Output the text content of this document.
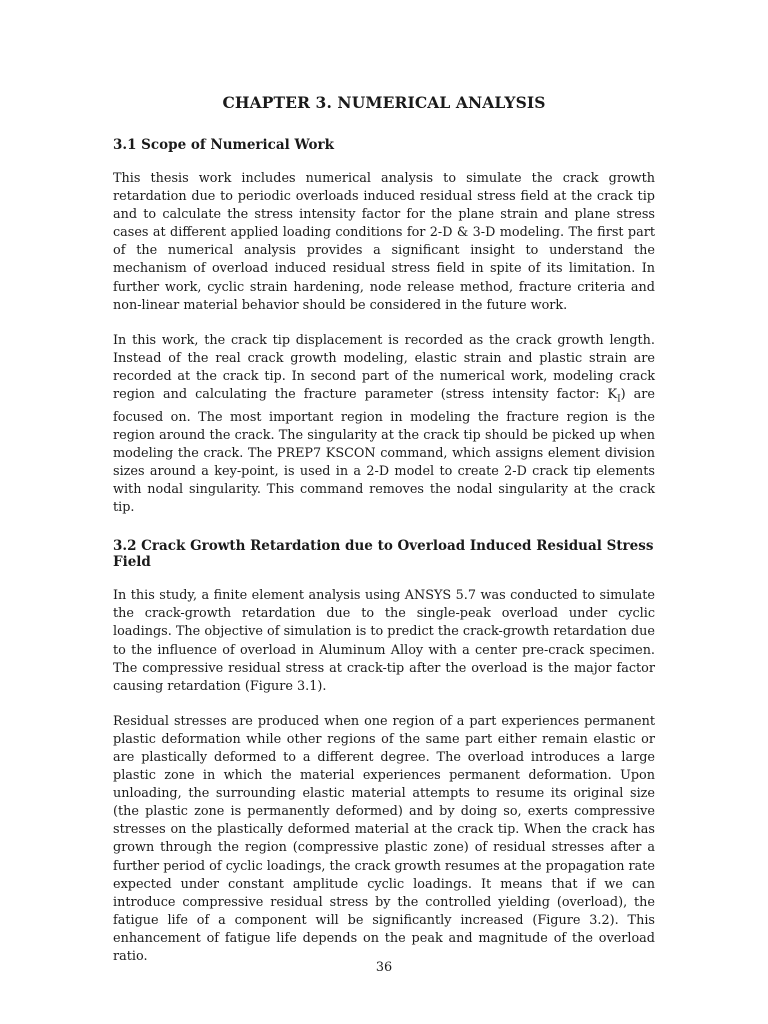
CHAPTER 3. NUMERICAL ANALYSIS
3.1 Scope of Numerical Work

This thesis work includes numerical analysis to simulate the crack growth retardation due to periodic overloads induced residual stress field at the crack tip and to calculate the stress intensity factor for the plane strain and plane stress cases at different applied loading conditions for 2-D & 3-D modeling. The first part of the numerical analysis provides a significant insight to understand the mechanism of overload induced residual stress field in spite of its limitation. In further work, cyclic strain hardening, node release method, fracture criteria and non-linear material behavior should be considered in the future work.

In this work, the crack tip displacement is recorded as the crack growth length. Instead of the real crack growth modeling, elastic strain and plastic strain are recorded at the crack tip. In second part of the numerical work, modeling crack region and calculating the fracture parameter (stress intensity factor: $K_I$) are focused on. The most important region in modeling the fracture region is the region around the crack. The singularity at the crack tip should be picked up when modeling the crack. The PREP7 KSCON command, which assigns element division sizes around a key-point, is used in a 2-D model to create 2-D crack tip elements with nodal singularity. This command removes the nodal singularity at the crack tip.

3.2 Crack Growth Retardation due to Overload Induced Residual Stress Field

In this study, a finite element analysis using ANSYS 5.7 was conducted to simulate the crack-growth retardation due to the single-peak overload under cyclic loadings. The objective of simulation is to predict the crack-growth retardation due to the influence of overload in Aluminum Alloy with a center pre-crack specimen. The compressive residual stress at crack-tip after the overload is the major factor causing retardation (Figure 3.1).

Residual stresses are produced when one region of a part experiences permanent plastic deformation while other regions of the same part either remain elastic or are plastically deformed to a different degree. The overload introduces a large plastic zone in which the material experiences permanent deformation. Upon unloading, the surrounding elastic material attempts to resume its original size (the plastic zone is permanently deformed) and by doing so, exerts compressive stresses on the plastically deformed material at the crack tip. When the crack has grown through the region (compressive plastic zone) of residual stresses after a further period of cyclic loadings, the crack growth resumes at the propagation rate expected under constant amplitude cyclic loadings. It means that if we can introduce compressive residual stress by the controlled yielding (overload), the fatigue life of a component will be significantly increased (Figure 3.2). This enhancement of fatigue life depends on the peak and magnitude of the overload ratio.

36
